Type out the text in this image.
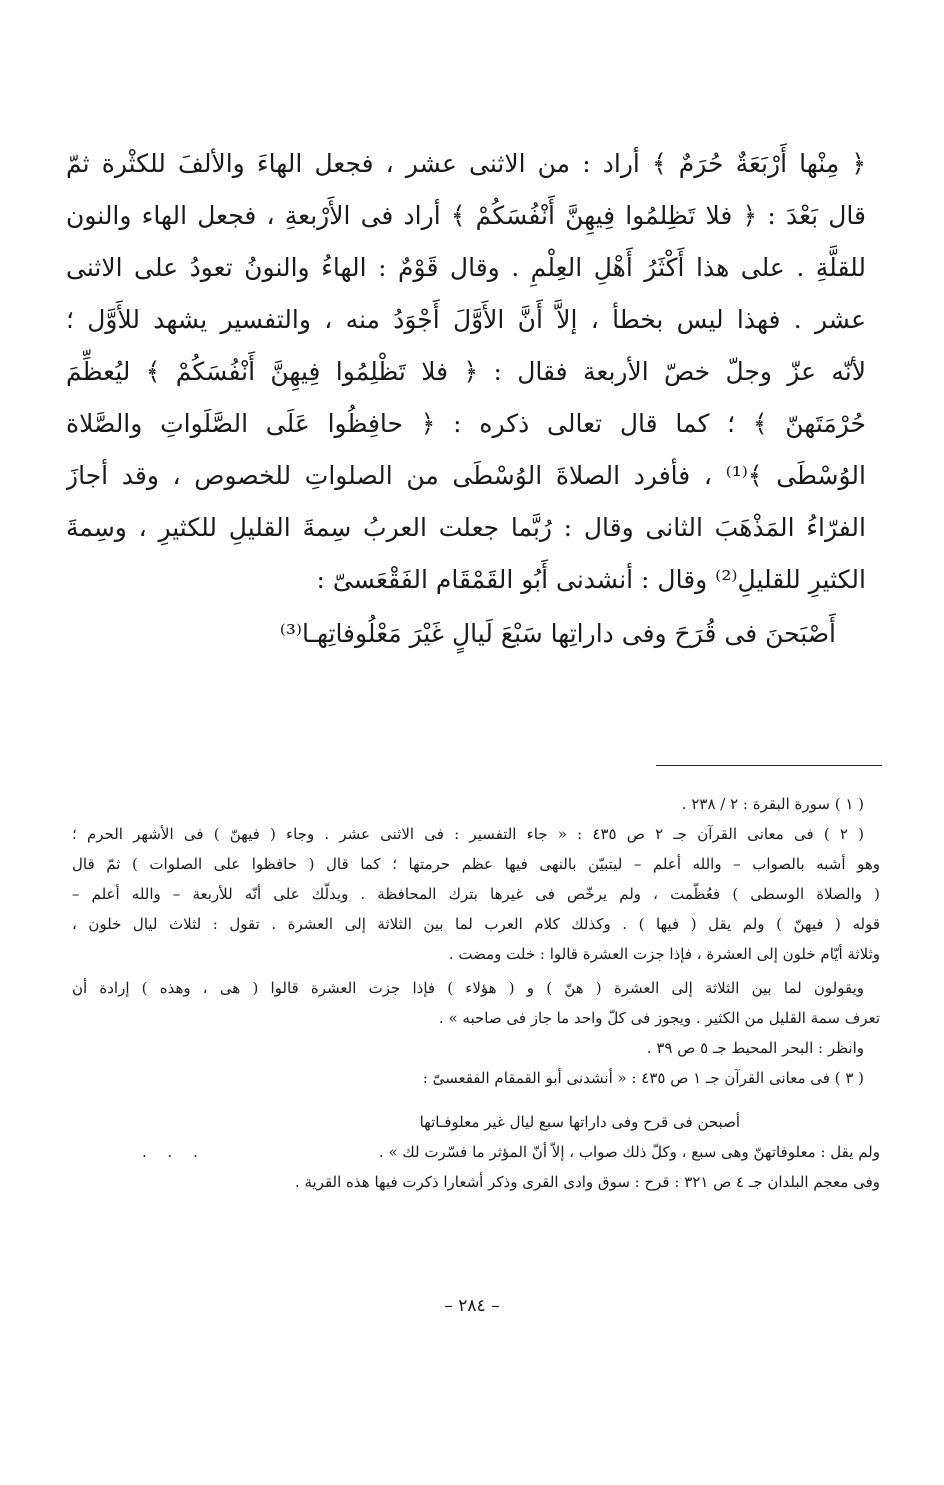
﴿ مِنْها أَرْبَعَةٌ حُرَمٌ ﴾ أراد : من الاثنى عشر ، فجعل الهاءَ والألفَ للكثْرة ثمّ
قال بَعْدَ : ﴿ فلا تَظِلمُوا فِيهِنَّ أَنْفُسَكُمْ ﴾ أراد فى الأَرْبعةِ ، فجعل الهاء والنون
للقلَّةِ . على هذا أَكْثَرُ أَهْلِ العِلْمِ . وقال قَوْمٌ : الهاءُ والنونُ تعودُ على الاثنى
عشر . فهذا ليس بخطأ ، إلاَّ أَنَّ الأَوَّلَ أَجْوَدُ منه ، والتفسير يشهد للأَوَّل ؛
لأنّه عزّ وجلّ خصّ الأربعة فقال : ﴿ فلا تَظْلِمُوا فِيهِنَّ أَنْفُسَكُمْ ﴾ ليُعظِّمَ
حُرْمَتَهنّ ﴾ ؛ كما قال تعالى ذكره : ﴿ حافِظُوا عَلَى الصَّلَواتِ والصَّلاة
الوُسْطَى ﴾⁽¹⁾ ، فأفرد الصلاةَ الوُسْطَى من الصلواتِ للخصوص ، وقد أجازَ
الفرّاءُ المَذْهَبَ الثانى وقال : رُبَّما جعلت العربُ سِمةَ القليلِ للكثيرِ ، وسِمةَ
الكثيرِ للقليلِ⁽²⁾ وقال : أنشدنى أَبُو القَمْقَام الفَقْعَسىّ :
أَصْبَحنَ فى قُرَحَ وفى داراتِها سَبْعَ لَيالٍ غَيْرَ مَعْلُوفاتِهـا⁽³⁾
( ١ ) سورة البقرة : ٢ / ٢٣٨ .
( ٢ ) فى معانى القرآن جـ ٢ ص ٤٣٥ : « جاء التفسير : فى الاثنى عشر . وجاء ( فيهنّ ) فى الأشهر الحرم ؛
وهو أشبه بالصواب – والله أعلم – ليتبيّن بالنهى فيها عظم حرمتها ؛ كما قال ( حافظوا على الصلوات ) ثمّ قال
( والصلاة الوسطى ) فعُظّمت ، ولم يرخّص فى غيرها بترك المحافظة . ويدلّك على أنّه للأربعة – والله أعلم –
قوله ( فيهنّ ) ولم يقل ( فيها ) . وكذلك كلام العرب لما بين الثلاثة إلى العشرة . تقول : لثلاث ليال خلون ،
وثلاثة أيّام خلون إلى العشرة ، فإذا جزت العشرة قالوا : خلت ومضت .
ويقولون لما بين الثلاثة إلى العشرة ( هنّ ) و ( هؤلاء ) فإذا جزت العشرة قالوا ( هى ، وهذه ) إرادة أن
تعرف سمة القليل من الكثير . ويجوز فى كلّ واحد ما جاز فى صاحبه » .
وانظر : البحر المحيط جـ ٥ ص ٣٩ .
( ٣ ) فى معانى القرآن جـ ١ ص ٤٣٥ : « أنشدنى أبو القمقام الفقعسىّ :
أصبحن فى قرح وفى داراتها سبع ليال غير معلوفـاتها
ولم يقل : معلوفاتهنّ وهى سبع ، وكلّ ذلك صواب ، إلاّ أنّ المؤثر ما فسّرت لك » .
. . .
وفى معجم البلدان جـ ٤ ص ٣٢١ : قرح : سوق وادى القرى وذكر أشعارا ذكرت فيها هذه القرية .
– ٢٨٤ –
